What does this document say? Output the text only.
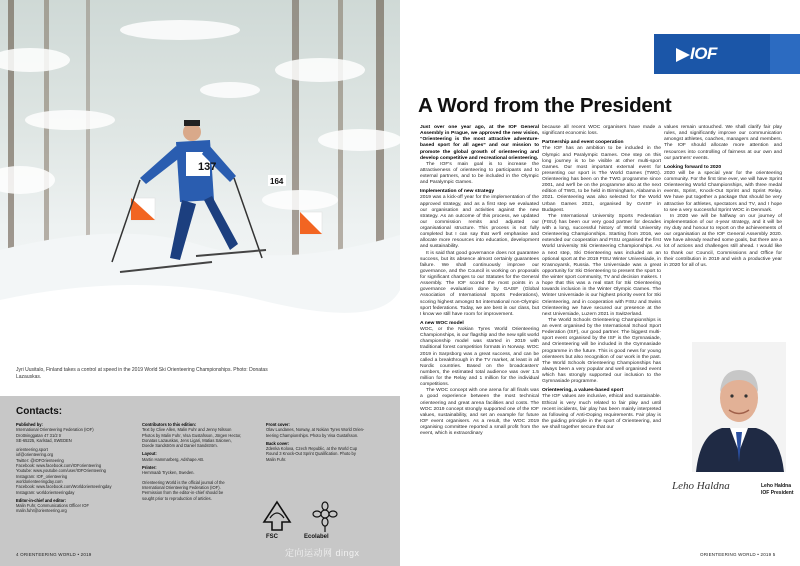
137
164
Jyri Uusitalo, Finland takes a control at speed in the 2019 World Ski Orienteering Championships. Photo: Donatas Lazauskas.
Contacts:
Published by:
International Orienteering Federation (IOF)
Drottninggatan 47 31/2 tr
SE-65225, Karlstad, SWEDEN
orienteering.sport
iof@orienteering.org
Twitter: @IOFOrienteering
Facebook: www.facebook.com/IOForienteering
Youtube: www.youtube.com/user/IOFOrienteering
Instagram: IOF_orienteering
worldorienteeringday.com
Facebook: www.facebook.com/Worldorienteeringday
Instagram: worldorienteeringday
Editor-in-chief and editor:
Malin Fuhr, Communications Officer IOF
malin.fuhr@orienteering.org
Contributors to this edition:
Text by Clive Allen, Malin Fuhr and Jenny Nilsson
Photos by Malin Fuhr, Visa Gustafsson, Jörgen Hector,
Donatas Lazauskas, Jens Ligari, Matias Salonen,
Doede Sandström and Daniel Sandström.
Layout:
Martin Hammarberg, Adshape AB.
Printer:
Hemmaab Trycken, Sweden.
Orienteering World is the official journal of the
International Orienteering Federation (IOF).
Permission from the editor-in-chief should be
sought prior to reproduction of articles.
Front cover:
Olav Lundanes, Norway, at Nokian Tyres World Orien-
teering Championships. Photo by Visa Gustafsson.
Back cover:
Zdenka Kolova, Czech Republic, at the World Cup
Round 3 Knock-Out Sprint Qualification. Photo by
Malin Fuhr.
FSC	Ecolabel
4 ORIENTEERING WORLD • 2019	定向运动网 dingx
IOF
A Word from the President

Just over one year ago, at the IOF General Assembly in Prague, we approved the new vision, “Orienteering is the most attractive adventure-based sport for all ages” and our mission to promote the global growth of orienteering and develop competitive and recreational orienteering.

The IOF's main goal is to increase the attractiveness of orienteering to participants and to external partners, and to be included in the Olympic and Paralympic Games.

Implementation of new strategy

2019 was a kick-off year for the implementation of the approved strategy, and as a first step we evaluated our organisation and activities against the new strategy. As an outcome of this process, we updated our commission remits and adjusted our organisational structure. This process is not fully completed but I can say that we'll emphasise and allocate more resources into education, development and sustainability.

It is said that good governance does not guarantee success, but its absence almost certainly guarantees failure. We shall continuously improve our governance, and the Council is working on proposals for significant changes to our Statutes for the General Assembly. The IOF scored the most points in a governance evaluation done by GAISF (Global Association of International Sports Federations), scoring highest amongst 54 international non-Olympic sport federations. Today, we are best in our class, but I know we still have room for improvement.

A new WOC model

WOC, or the Nokian Tyres World Orienteering Championships, is our flagship and the new split world championship model was started in 2019 with traditional forest competition formats in Norway. WOC 2019 in Sarpsborg was a great success, and can be called a breakthrough in the TV market, at least in all Nordic countries. Based on the broadcasters' numbers, the estimated total audience was over 1.5 million for the Relay and 1 million for the individual competitions.

The WOC concept with one arena for all finals was a good experience between the most technical orienteering and great arena facilities and costs. The WOC 2019 concept strongly supported one of the IOF values, sustainability, and set an example for future IOF event organisers. As a result, the WOC 2019 organising committee reported a small profit from the event, which is extraordinary

because all recent WOC organisers have made a significant economic loss.

Partnership and event cooperation

The IOF has an ambition to be included in the Olympic and Paralympic Games. One step on this long journey is to be visible at other multi-sport Games. Our most important external event for presenting our sport is The World Games (TWG). Orienteering has been on the TWG programme since 2001, and we'll be on the programme also at the next edition of TWG, to be held in Birmingham, Alabama in 2021. Orienteering was also selected for the World Urban Games 2021, organised by GAISF in Budapest.

The International University Sports Federation (FISU) has been our very good partner for decades with a long, successful history of World University Orienteering Championships. Starting from 2016, we extended our cooperation and FISU organised the first World University Ski Orienteering Championships. As a next step, Ski Orienteering was included as an optional sport at the 2019 FISU Winter Universiade, in Krasnoyarsk, Russia. The Universiade was a great opportunity for Ski Orienteering to present the sport to the winter sport community, TV and decision makers. I hope that this was a real start for Ski Orienteering towards inclusion in the Winter Olympic Games. The Winter Universiade is our highest priority event for Ski Orienteering, and in cooperation with FISU and Swiss Orienteering we have secured our presence at the next Universiade, Luzern 2021 in Switzerland.

The World Schools Orienteering Championships is an event organised by the International School Sport Federation (ISF), our good partner. The biggest multi-sport event organised by the ISF is the Gymnasiade, and Orienteering will be included in the Gymnasiade programme in the future. This is good news for young orienteers but also recognition of our work in the past. The World Schools Orienteering Championships has always been a very popular and well organised event which has strongly supported our inclusion to the Gymnasiade programme.

Orienteering, a values-based sport

The IOF values are inclusive, ethical and sustainable. Ethical is very much related to fair play and until recent incidents, fair play has been mainly interpreted as following of Anti-Doping requirements. Fair play is the guiding principle in the sport of Orienteering, and we shall together secure that our

values remain untouched. We shall clarify fair play rules, and significantly improve our communication amongst athletes, coaches, managers and members. The IOF should allocate more attention and resources into controlling of fairness at our own and our partners' events.

Looking forward to 2020

2020 will be a special year for the orienteering community. For the first time ever, we will have Sprint Orienteering World Championships, with three medal events, Sprint, Knock-Out Sprint and Sprint Relay. We have put together a package that should be very attractive for athletes, spectators and TV, and I hope to see a very successful Sprint WOC in Denmark.

In 2020 we will be halfway on our journey of implementation of our 4-year strategy, and it will be my duty and honour to report on the achievements of our organisation at the IOF General Assembly 2020. We have already reached some goals, but there are a lot of actions and challenges still ahead. I would like to thank our Council, Commissions and Office for their contribution in 2019 and wish a productive year in 2020 for all of us.

Leho Haldna	Leho Haldna
IOF President
ORIENTEERING WORLD • 2019 5
